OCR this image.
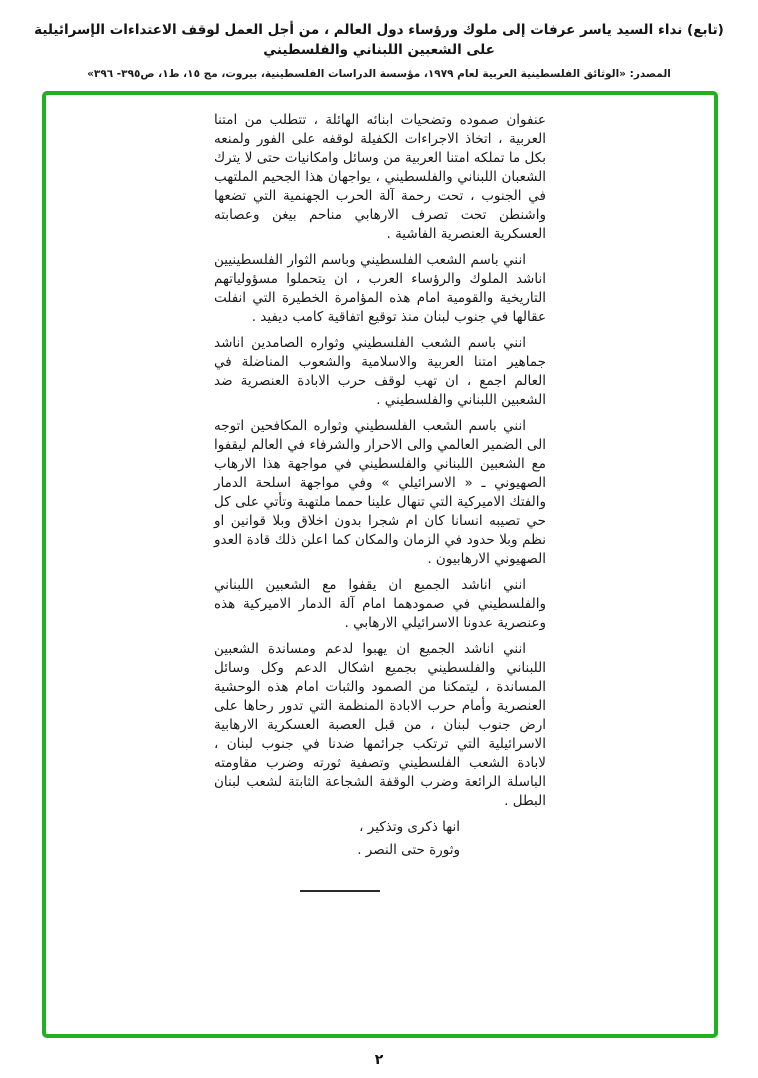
(تابع) نداء السيد ياسر عرفات إلى ملوك ورؤساء دول العالم ، من أجل العمل لوقف الاعتداءات الإسرائيلية على الشعبين اللبناني والفلسطيني
المصدر: «الوثائق الفلسطينية العربية لعام ١٩٧٩، مؤسسة الدراسات الفلسطينية، بيروت، مج ١٥، ط١، ص٣٩٥- ٣٩٦»

عنفوان صموده وتضحيات ابنائه الهائلة ، تتطلب من امتنا العربية ، اتخاذ الاجراءات الكفيلة لوقفه على الفور ولمنعه بكل ما تملكه امتنا العربية من وسائل وامكانيات حتى لا يترك الشعبان اللبناني والفلسطيني ، يواجهان هذا الجحيم الملتهب في الجنوب ، تحت رحمة آلة الحرب الجهنمية التي تضعها واشنطن تحت تصرف الارهابي مناحم بيغن وعصابته العسكرية العنصرية الفاشية .

انني باسم الشعب الفلسطيني وباسم الثوار الفلسطينيين اناشد الملوك والرؤساء العرب ، ان يتحملوا مسؤولياتهم التاريخية والقومية امام هذه المؤامرة الخطيرة التي انفلت عقالها في جنوب لبنان منذ توقيع اتفاقية كامب ديفيد .

انني باسم الشعب الفلسطيني وثواره الصامدين اناشد جماهير امتنا العربية والاسلامية والشعوب المناضلة في العالم اجمع ، ان تهب لوقف حرب الابادة العنصرية ضد الشعبين اللبناني والفلسطيني .

انني باسم الشعب الفلسطيني وثواره المكافحين اتوجه الى الضمير العالمي والى الاحرار والشرفاء في العالم ليقفوا مع الشعبين اللبناني والفلسطيني في مواجهة هذا الارهاب الصهيوني ـ « الاسرائيلي » وفي مواجهة اسلحة الدمار والفتك الاميركية التي تنهال علينا حمما ملتهبة وتأتي على كل حي تصيبه انسانا كان ام شجرا بدون اخلاق وبلا قوانين او نظم وبلا حدود في الزمان والمكان كما اعلن ذلك قادة العدو الصهيوني الارهابيون .

انني اناشد الجميع ان يقفوا مع الشعبين اللبناني والفلسطيني في صمودهما امام آلة الدمار الاميركية هذه وعنصرية عدونا الاسرائيلي الارهابي .

انني اناشد الجميع ان يهبوا لدعم ومساندة الشعبين اللبناني والفلسطيني بجميع اشكال الدعم وكل وسائل المساندة ، ليتمكنا من الصمود والثبات امام هذه الوحشية العنصرية وأمام حرب الابادة المنظمة التي تدور رحاها على ارض جنوب لبنان ، من قبل العصبة العسكرية الارهابية الاسرائيلية التي ترتكب جرائمها ضدنا في جنوب لبنان ، لابادة الشعب الفلسطيني وتصفية ثورته وضرب مقاومته الباسلة الرائعة وضرب الوقفة الشجاعة الثابتة لشعب لبنان البطل .

انها ذكرى وتذكير ،

وثورة حتى النصر .

٢
